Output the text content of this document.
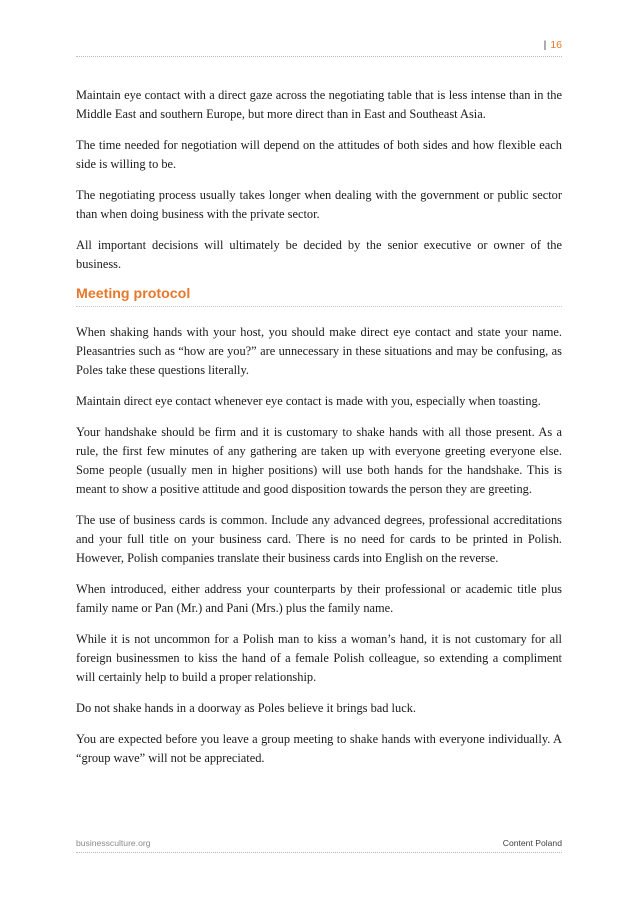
| 16

Maintain eye contact with a direct gaze across the negotiating table that is less intense than in the Middle East and southern Europe, but more direct than in East and Southeast Asia.

The time needed for negotiation will depend on the attitudes of both sides and how flexible each side is willing to be.

The negotiating process usually takes longer when dealing with the government or public sector than when doing business with the private sector.

All important decisions will ultimately be decided by the senior executive or owner of the business.

Meeting protocol

When shaking hands with your host, you should make direct eye contact and state your name. Pleasantries such as “how are you?” are unnecessary in these situations and may be confusing, as Poles take these questions literally.

Maintain direct eye contact whenever eye contact is made with you, especially when toasting.

Your handshake should be firm and it is customary to shake hands with all those present. As a rule, the first few minutes of any gathering are taken up with everyone greeting everyone else. Some people (usually men in higher positions) will use both hands for the handshake. This is meant to show a positive attitude and good disposition towards the person they are greeting.

The use of business cards is common. Include any advanced degrees, professional accreditations and your full title on your business card. There is no need for cards to be printed in Polish. However, Polish companies translate their business cards into English on the reverse.

When introduced, either address your counterparts by their professional or academic title plus family name or Pan (Mr.) and Pani (Mrs.) plus the family name.

While it is not uncommon for a Polish man to kiss a woman’s hand, it is not customary for all foreign businessmen to kiss the hand of a female Polish colleague, so extending a compliment will certainly help to build a proper relationship.

Do not shake hands in a doorway as Poles believe it brings bad luck.

You are expected before you leave a group meeting to shake hands with everyone individually. A “group wave” will not be appreciated.

businessculture.org	Content Poland
